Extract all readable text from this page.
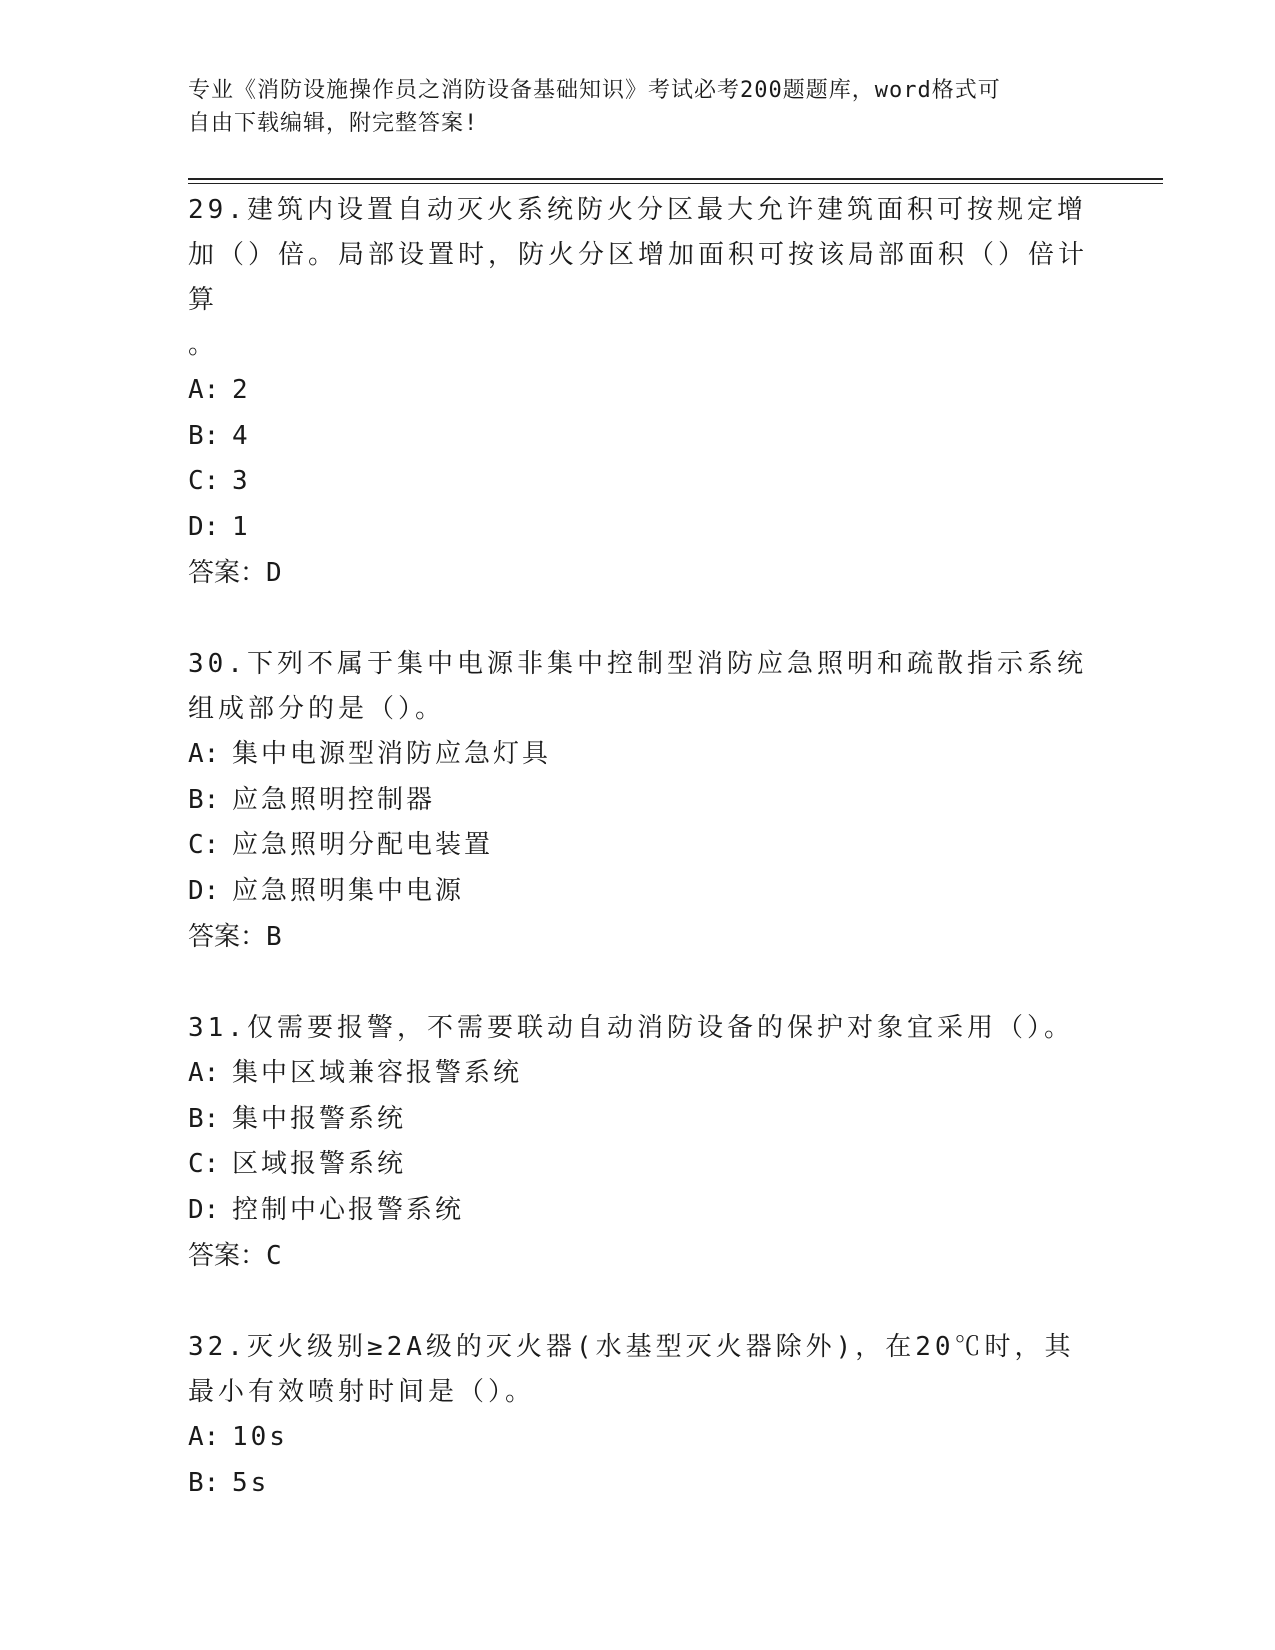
专业《消防设施操作员之消防设备基础知识》考试必考200题题库，word格式可
自由下载编辑，附完整答案!

29.建筑内设置自动灭火系统防火分区最大允许建筑面积可按规定增加（）倍。局部设置时，防火分区增加面积可按该局部面积（）倍计算
。

A: 2

B: 4

C: 3

D: 1

答案：D

30.下列不属于集中电源非集中控制型消防应急照明和疏散指示系统组成部分的是（）。

A: 集中电源型消防应急灯具

B: 应急照明控制器

C: 应急照明分配电装置

D: 应急照明集中电源

答案：B

31.仅需要报警，不需要联动自动消防设备的保护对象宜采用（）。

A: 集中区域兼容报警系统

B: 集中报警系统

C: 区域报警系统

D: 控制中心报警系统

答案：C

32.灭火级别≥2A级的灭火器(水基型灭火器除外)，在20℃时，其最小有效喷射时间是（）。

A: 10s

B: 5s
